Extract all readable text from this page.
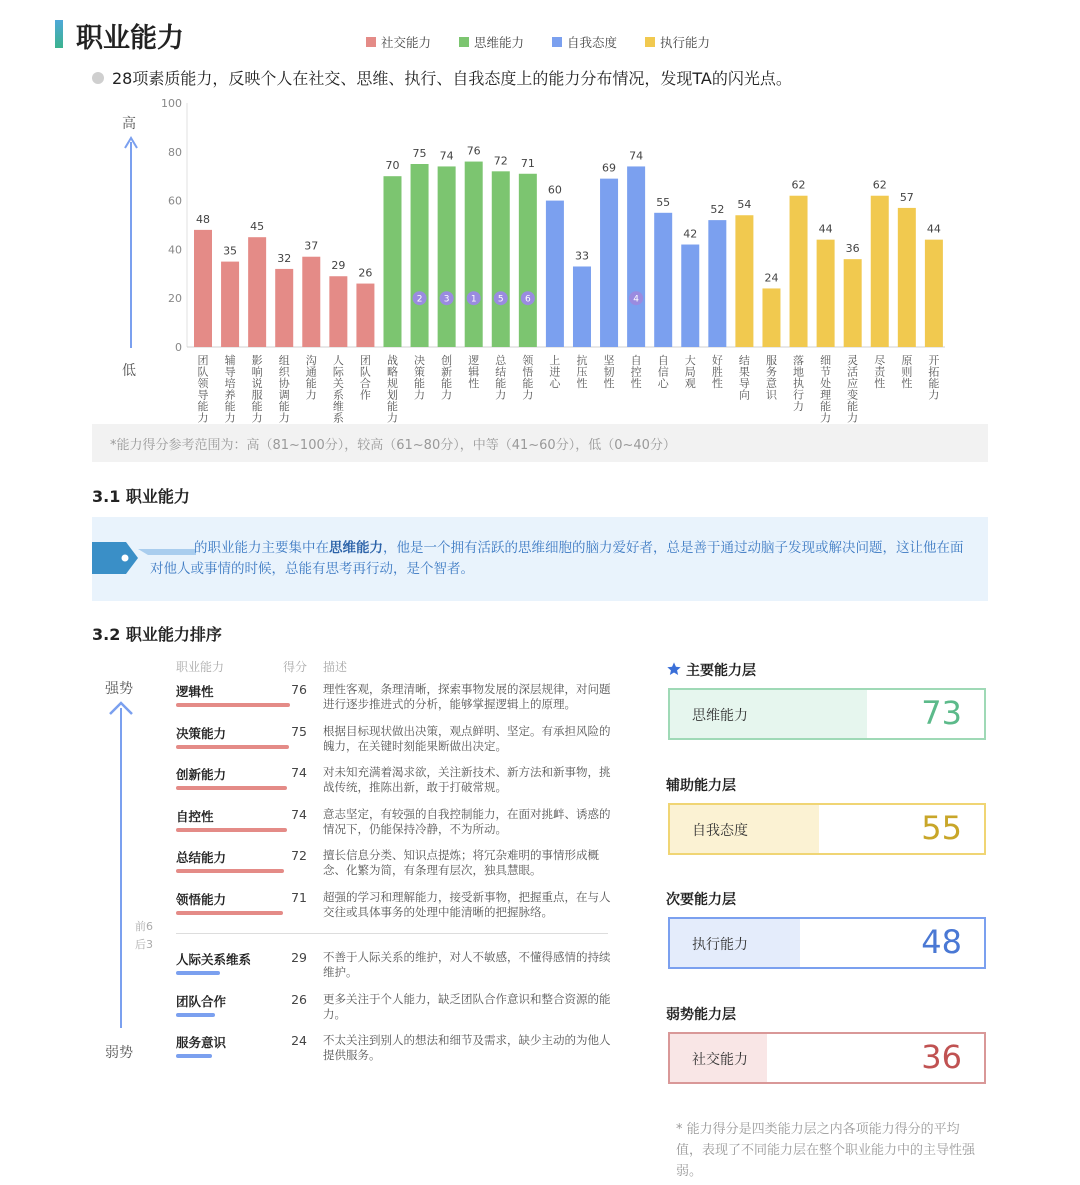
职业能力	社交能力	思维能力	自我态度	执行能力
28项素质能力，反映个人在社交、思维、执行、自我态度上的能力分布情况，发现TA的闪光点。
高
低
0
20
40
60
80
100
48
团队领导能力
35
辅导培养能力
45
影响说服能力
32
组织协调能力
37
沟通能力
29
人际关系维系
26
团队合作
70
战略规划能力
75
决策能力
74
创新能力
76
逻辑性
72
总结能力
71
领悟能力
60
上进心
33
抗压性
69
坚韧性
74
自控性
55
自信心
42
大局观
52
好胜性
54
结果导向
24
服务意识
62
落地执行力
44
细节处理能力
36
灵活应变能力
62
尽责性
57
原则性
44
开拓能力
2 3 1 5 6	4
*能力得分参考范围为：高（81~100分），较高（61~80分），中等（41~60分），低（0~40分）
3.1 职业能力
的职业能力主要集中在思维能力，他是一个拥有活跃的思维细胞的脑力爱好者，总是善于通过动脑子发现或解决问题，这让他在面对他人或事情的时候，总能有思考再行动，是个智者。
3.2 职业能力排序
强势
弱势
职业能力	得分 描述
逻辑性	76 理性客观，条理清晰，探索事物发展的深层规律，对问题进行逐步推进式的分析，能够掌握逻辑上的原理。
决策能力	75 根据目标现状做出决策，观点鲜明、坚定。有承担风险的魄力，在关键时刻能果断做出决定。
创新能力	74 对未知充满着渴求欲，关注新技术、新方法和新事物，挑战传统，推陈出新，敢于打破常规。
自控性	74 意志坚定，有较强的自我控制能力，在面对挑衅、诱惑的情况下，仍能保持冷静，不为所动。
总结能力	72 擅长信息分类、知识点提炼；将冗杂难明的事情形成概念、化繁为简，有条理有层次，独具慧眼。
领悟能力	71 超强的学习和理解能力，接受新事物，把握重点，在与人交往或具体事务的处理中能清晰的把握脉络。
人际关系维系	29 不善于人际关系的维护，对人不敏感，不懂得感情的持续维护。
团队合作	26 更多关注于个人能力，缺乏团队合作意识和整合资源的能力。
服务意识	24 不太关注到别人的想法和细节及需求，缺少主动的为他人提供服务。
前6
后3
主要能力层
思维能力	73
辅助能力层
自我态度	55
次要能力层
执行能力	48
弱势能力层
社交能力	36
* 能力得分是四类能力层之内各项能力得分的平均值，表现了不同能力层在整个职业能力中的主导性强弱。
